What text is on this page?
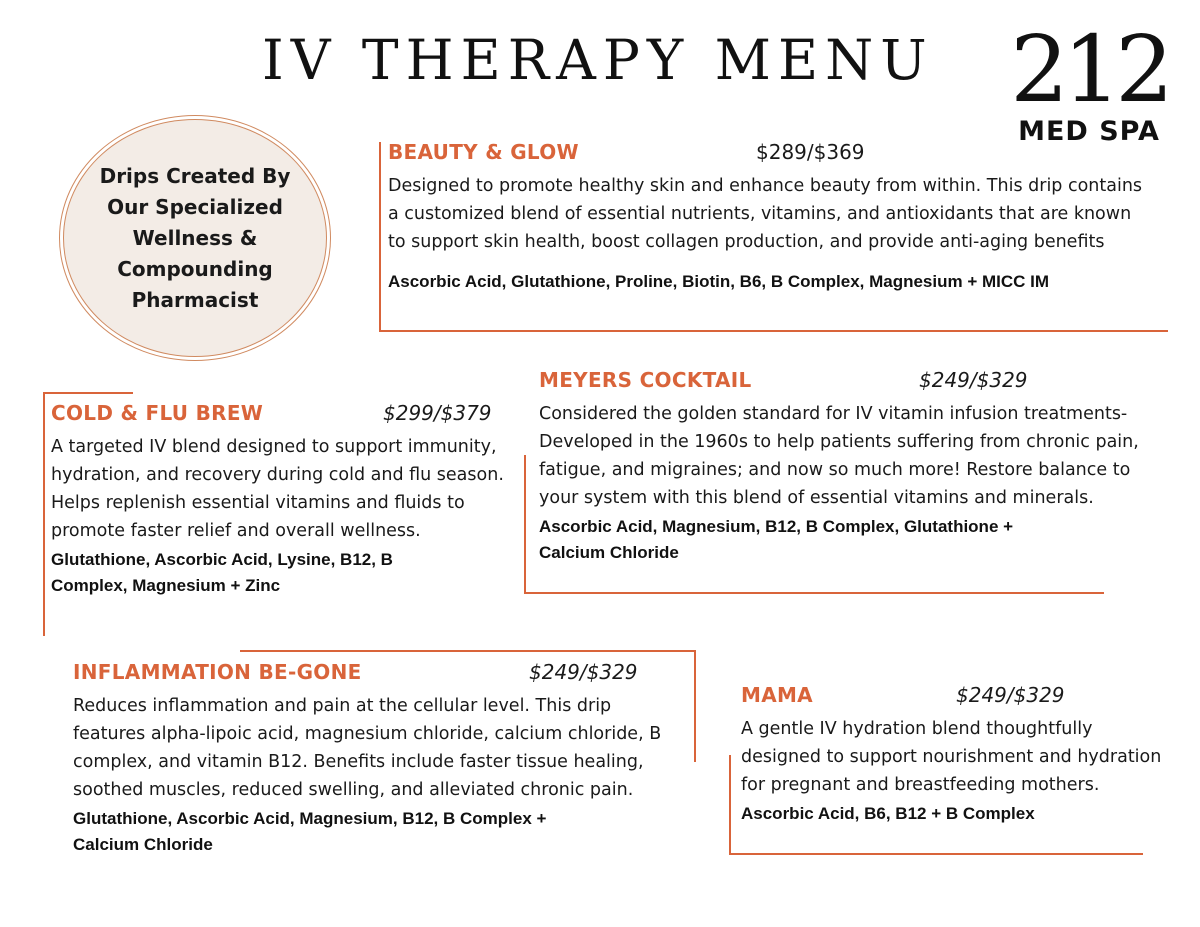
IV THERAPY MENU 212
MED SPA
Drips Created By Our Specialized Wellness & Compounding Pharmacist
BEAUTY & GLOW	$289/$369
Designed to promote healthy skin and enhance beauty from within. This drip contains a customized blend of essential nutrients, vitamins, and antioxidants that are known to support skin health, boost collagen production, and provide anti-aging benefits
Ascorbic Acid, Glutathione, Proline, Biotin, B6, B Complex, Magnesium + MICC IM
MEYERS COCKTAIL	$249/$329
Considered the golden standard for IV vitamin infusion treatments- Developed in the 1960s to help patients suffering from chronic pain, fatigue, and migraines; and now so much more! Restore balance to your system with this blend of essential vitamins and minerals.
Ascorbic Acid, Magnesium, B12, B Complex, Glutathione + Calcium Chloride
COLD & FLU BREW	$299/$379
A targeted IV blend designed to support immunity, hydration, and recovery during cold and flu season. Helps replenish essential vitamins and fluids to promote faster relief and overall wellness.
Glutathione, Ascorbic Acid, Lysine, B12, B Complex, Magnesium + Zinc
INFLAMMATION BE-GONE	$249/$329
Reduces inflammation and pain at the cellular level. This drip features alpha-lipoic acid, magnesium chloride, calcium chloride, B complex, and vitamin B12. Benefits include faster tissue healing, soothed muscles, reduced swelling, and alleviated chronic pain.
Glutathione, Ascorbic Acid, Magnesium, B12, B Complex + Calcium Chloride
MAMA	$249/$329
A gentle IV hydration blend thoughtfully designed to support nourishment and hydration for pregnant and breastfeeding mothers.
Ascorbic Acid, B6, B12 + B Complex
